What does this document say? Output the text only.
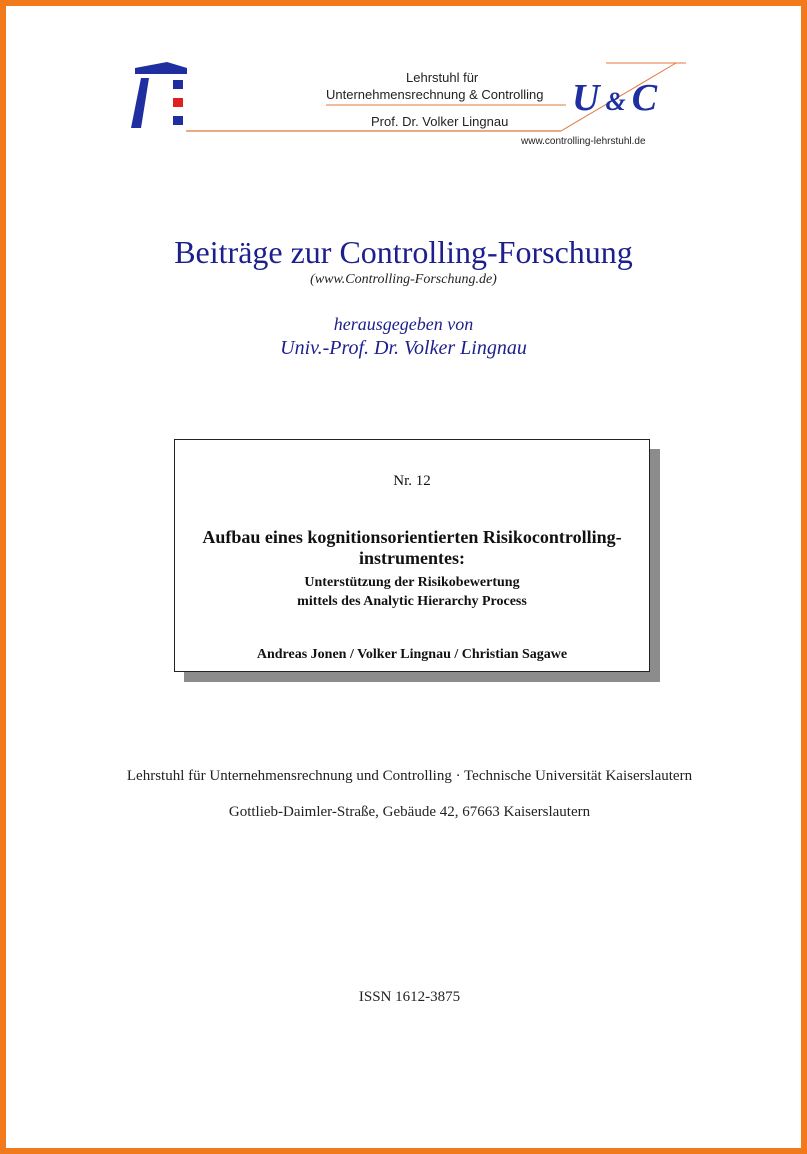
Lehrstuhl für
Unternehmensrechnung & Controlling
Prof. Dr. Volker Lingnau
www.controlling-lehrstuhl.de
U & C
Beiträge zur Controlling-Forschung
(www.Controlling-Forschung.de)
herausgegeben von
Univ.-Prof. Dr. Volker Lingnau
Nr. 12
Aufbau eines kognitionsorientierten Risikocontrolling-
instrumentes:
Unterstützung der Risikobewertung
mittels des Analytic Hierarchy Process
Andreas Jonen / Volker Lingnau / Christian Sagawe
Lehrstuhl für Unternehmensrechnung und Controlling · Technische Universität Kaiserslautern
Gottlieb-Daimler-Straße, Gebäude 42, 67663 Kaiserslautern
ISSN 1612-3875
